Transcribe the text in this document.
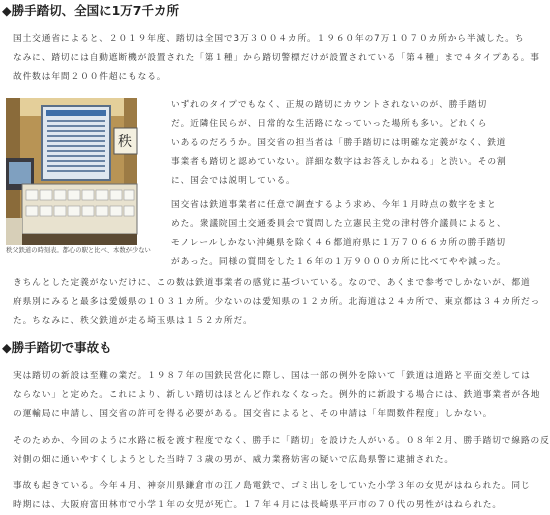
◆勝手踏切、全国に1万7千カ所

国土交通省によると、２０１９年度、踏切は全国で3万３００４カ所。１９６０年の7万１０７０カ所から半減した。ち
なみに、踏切には自動遮断機が設置された「第１種」から踏切警標だけが設置されている「第４種」まで４タイプある。事
故件数は年間２００件超にもなる。

秩
秩父鉄道の時刻表。都心の駅と比べ、本数が少ない

いずれのタイプでもなく、正規の踏切にカウントされないのが、勝手踏切
だ。近隣住民らが、日常的な生活路になっていった場所も多い。どれくら
いあるのだろうか。国交省の担当者は「勝手踏切には明確な定義がなく、鉄道
事業者も踏切と認めていない。詳細な数字はお答えしかねる」と渋い。その割
に、国会では説明している。

国交省は鉄道事業者に任意で調査するよう求め、今年１月時点の数字をまと
めた。衆議院国土交通委員会で質問した立憲民主党の津村啓介議員によると、
モノレールしかない沖縄県を除く４６都道府県に１万７０６６カ所の勝手踏切
があった。同様の質問をした１６年の１万９０００カ所に比べてやや減った。

きちんとした定義がないだけに、この数は鉄道事業者の感覚に基づいている。なので、あくまで参考でしかないが、都道
府県別にみると最多は愛媛県の１０３１カ所。少ないのは愛知県の１２カ所。北海道は２４カ所で、東京都は３４カ所だっ
た。ちなみに、秩父鉄道が走る埼玉県は１５２カ所だ。

◆勝手踏切で事故も

実は踏切の新設は至難の業だ。１９８７年の国鉄民営化に際し、国は一部の例外を除いて「鉄道は道路と平面交差しては
ならない」と定めた。これにより、新しい踏切はほとんど作れなくなった。例外的に新設する場合には、鉄道事業者が各地
の運輸局に申請し、国交省の許可を得る必要がある。国交省によると、その申請は「年間数件程度」しかない。

そのためか、今回のように水路に板を渡す程度でなく、勝手に「踏切」を設けた人がいる。０８年２月、勝手踏切で線路の反
対側の畑に通いやすくしようとした当時７３歳の男が、威力業務妨害の疑いで広島県警に逮捕された。

事故も起きている。今年４月、神奈川県鎌倉市の江ノ島電鉄で、ゴミ出しをしていた小学３年の女児がはねられた。同じ
時期には、大阪府富田林市で小学１年の女児が死亡。１７年４月には長崎県平戸市の７０代の男性がはねられた。
